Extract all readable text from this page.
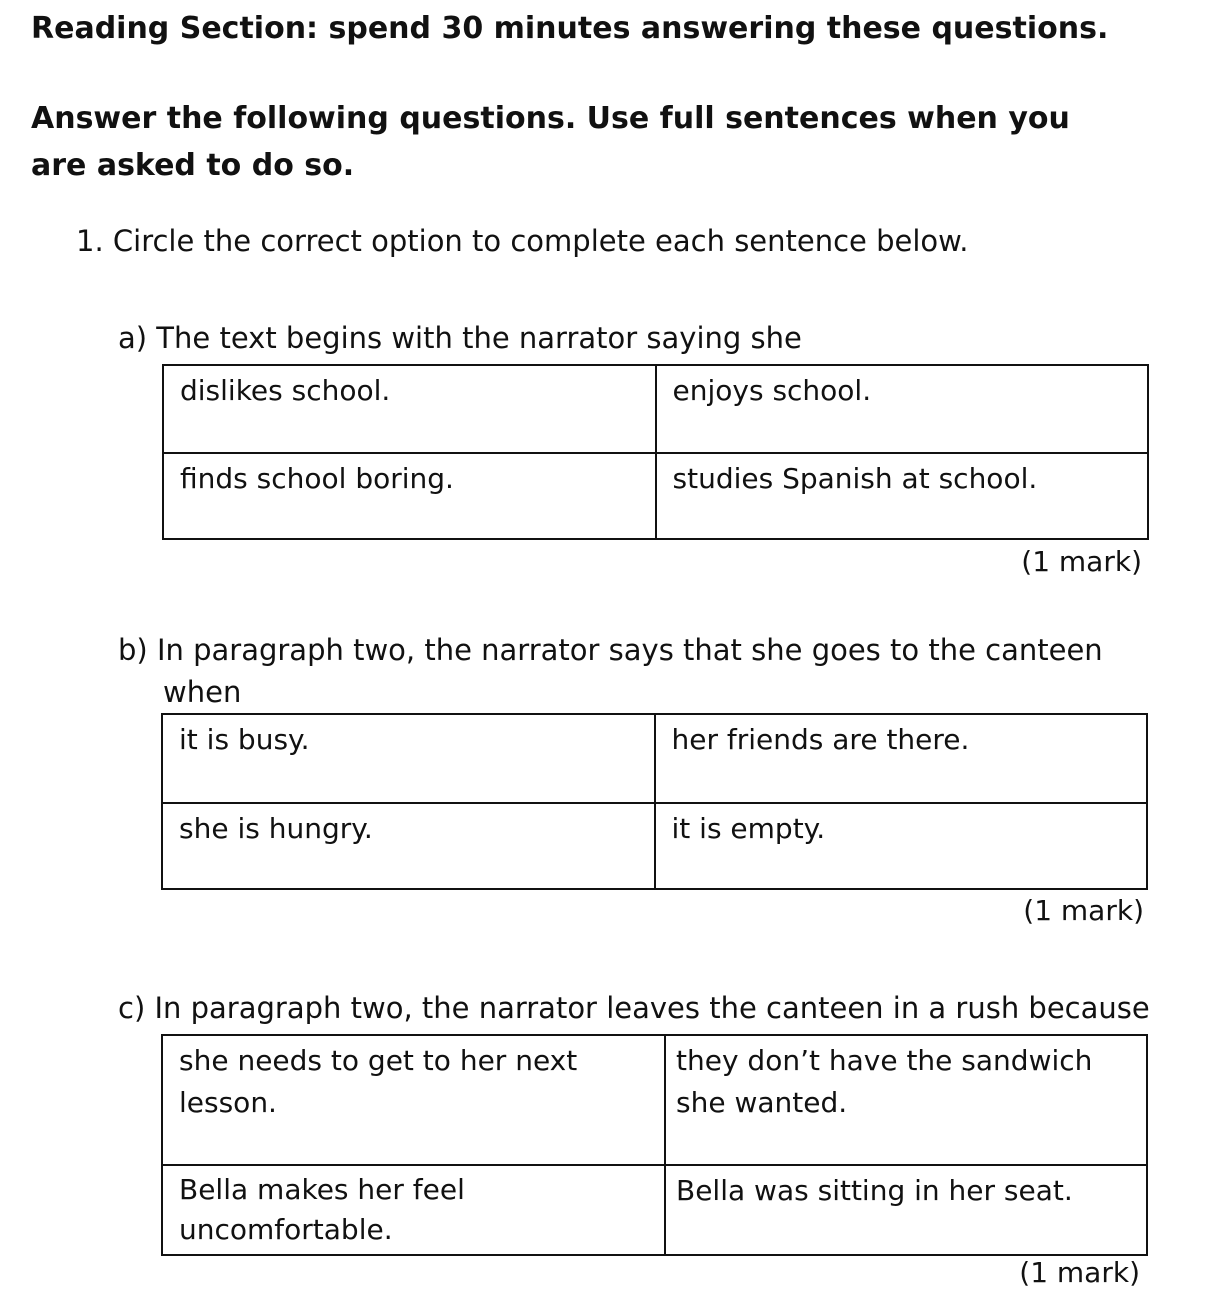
Reading Section: spend 30 minutes answering these questions.
Answer the following questions. Use full sentences when you are asked to do so.
1. Circle the correct option to complete each sentence below.
a) The text begins with the narrator saying she
dislikes school.	enjoys school.
finds school boring.	studies Spanish at school.
(1 mark)
b) In paragraph two, the narrator says that she goes to the canteen when
it is busy.	her friends are there.
she is hungry.	it is empty.
(1 mark)
c) In paragraph two, the narrator leaves the canteen in a rush because
she needs to get to her next lesson.	they don’t have the sandwich she wanted.
Bella makes her feel uncomfortable.	Bella was sitting in her seat.
(1 mark)
